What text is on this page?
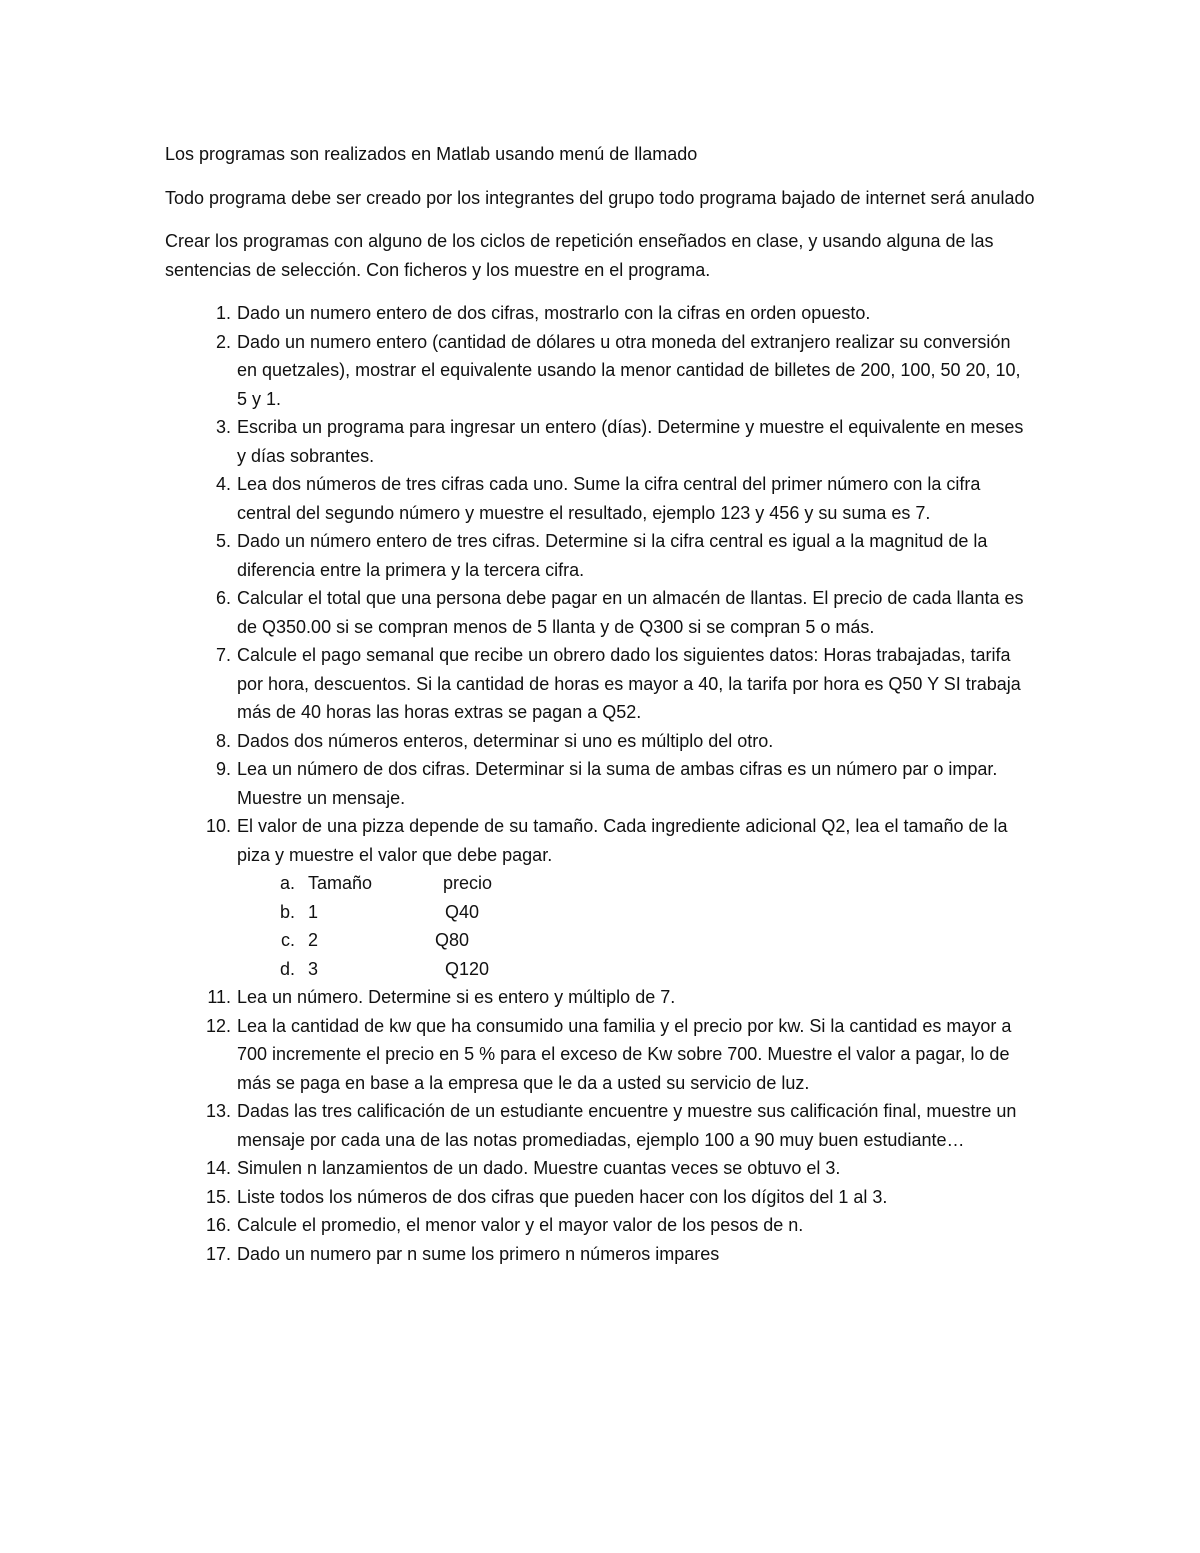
Los programas son realizados en Matlab usando menú de llamado

Todo programa debe ser creado por los integrantes del grupo todo programa bajado de internet será anulado

Crear los programas con alguno de los ciclos de repetición enseñados en clase, y usando alguna de las sentencias de selección. Con ficheros y los muestre en el programa.

1. Dado un numero entero de dos cifras, mostrarlo con la cifras en orden opuesto.
2. Dado un numero entero (cantidad de dólares u otra moneda del extranjero realizar su conversión en quetzales), mostrar el equivalente usando la menor cantidad de billetes de 200, 100, 50 20, 10, 5 y 1.
3. Escriba un programa para ingresar un entero (días). Determine y muestre el equivalente en meses y días sobrantes.
4. Lea dos números de tres cifras cada uno. Sume la cifra central del primer número con la cifra central del segundo número y muestre el resultado, ejemplo 123 y 456 y su suma es 7.
5. Dado un número entero de tres cifras. Determine si la cifra central es igual a la magnitud de la diferencia entre la primera y la tercera cifra.
6. Calcular el total que una persona debe pagar en un almacén de llantas. El precio de cada llanta es de Q350.00 si se compran menos de 5 llanta y de Q300 si se compran 5 o más.
7. Calcule el pago semanal que recibe un obrero dado los siguientes datos: Horas trabajadas, tarifa por hora, descuentos. Si la cantidad de horas es mayor a 40, la tarifa por hora es Q50 Y SI trabaja más de 40 horas las horas extras se pagan a Q52.
8. Dados dos números enteros, determinar si uno es múltiplo del otro.
9. Lea un número de dos cifras. Determinar si la suma de ambas cifras es un número par o impar. Muestre un mensaje.
10. El valor de una pizza depende de su tamaño. Cada ingrediente adicional Q2, lea el tamaño de la piza y muestre el valor que debe pagar.
a. Tamaño	precio
b. 1	Q40
c. 2	Q80
d. 3	Q120
11. Lea un número. Determine si es entero y múltiplo de 7.
12. Lea la cantidad de kw que ha consumido una familia y el precio por kw. Si la cantidad es mayor a 700 incremente el precio en 5 % para el exceso de Kw sobre 700. Muestre el valor a pagar, lo de más se paga en base a la empresa que le da a usted su servicio de luz.
13. Dadas las tres calificación de un estudiante encuentre y muestre sus calificación final, muestre un mensaje por cada una de las notas promediadas, ejemplo 100 a 90 muy buen estudiante…
14. Simulen n lanzamientos de un dado. Muestre cuantas veces se obtuvo el 3.
15. Liste todos los números de dos cifras que pueden hacer con los dígitos del 1 al 3.
16. Calcule el promedio, el menor valor y el mayor valor de los pesos de n.
17. Dado un numero par n sume los primero n números impares
